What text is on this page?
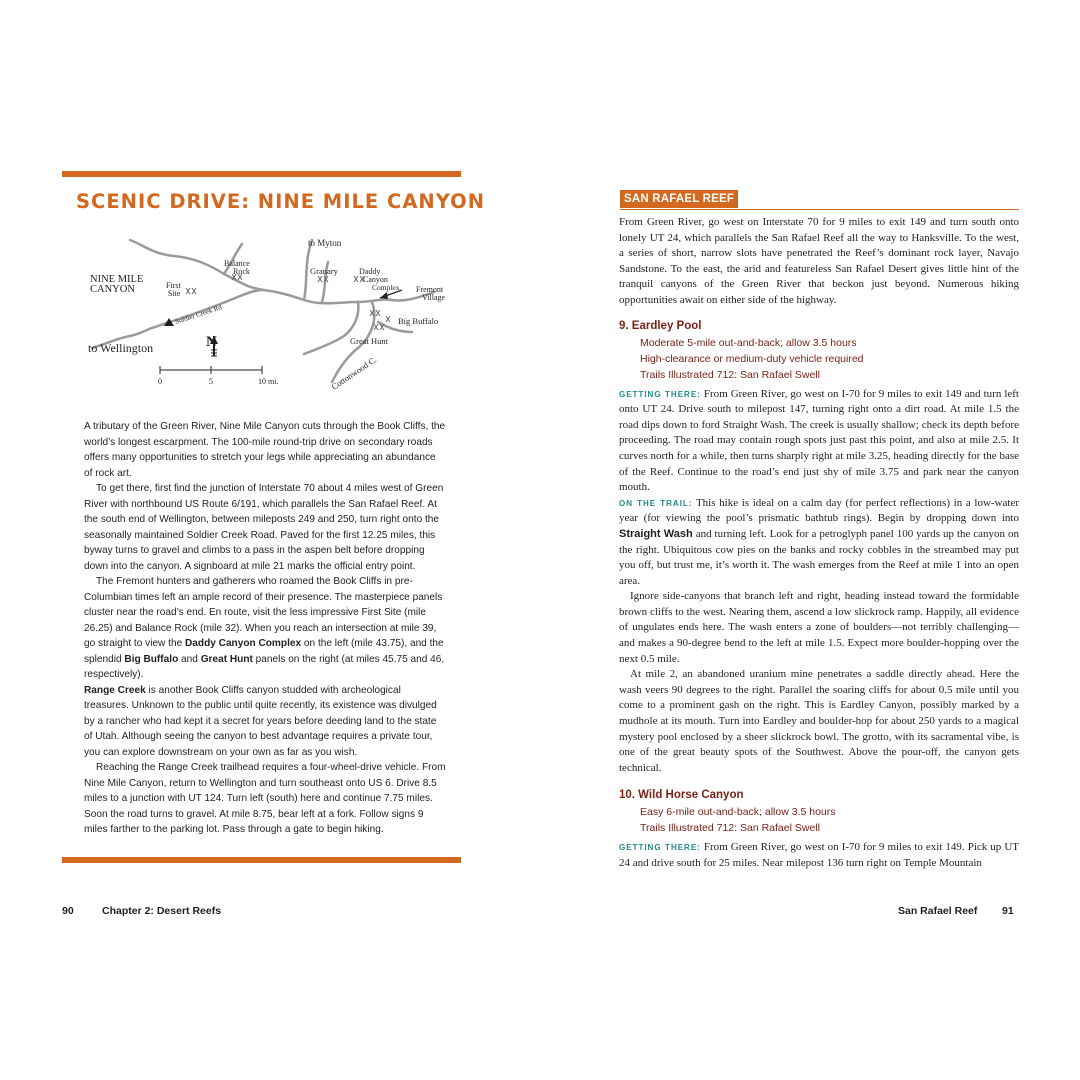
SCENIC DRIVE: NINE MILE CANYON
N
0	5	10 mi.
NINE MILE
CANYON
Balance
Rock
First
Site
Soldier Creek Rd
to Myton
Granary	Daddy
Canyon
Complex Fremont
Village
Big Buffalo
Great Hunt
Cottonwood C.
to Wellington

A tributary of the Green River, Nine Mile Canyon cuts through the Book Cliffs, the world’s longest escarpment. The 100-mile round-trip drive on secondary roads offers many opportunities to stretch your legs while appreciating an abundance of rock art.

To get there, first find the junction of Interstate 70 about 4 miles west of Green River with northbound US Route 6/191, which parallels the San Rafael Reef. At the south end of Wellington, between mileposts 249 and 250, turn right onto the seasonally maintained Soldier Creek Road. Paved for the first 12.25 miles, this byway turns to gravel and climbs to a pass in the aspen belt before dropping down into the canyon. A signboard at mile 21 marks the official entry point.

The Fremont hunters and gatherers who roamed the Book Cliffs in pre-Columbian times left an ample record of their presence. The masterpiece panels cluster near the road’s end. En route, visit the less impressive First Site (mile 26.25) and Balance Rock (mile 32). When you reach an intersection at mile 39, go straight to view the Daddy Canyon Complex on the left (mile 43.75), and the splendid Big Buffalo and Great Hunt panels on the right (at miles 45.75 and 46, respectively).

Range Creek is another Book Cliffs canyon studded with archeological treasures. Unknown to the public until quite recently, its existence was divulged by a rancher who had kept it a secret for years before deeding land to the state of Utah. Although seeing the canyon to best advantage requires a private tour, you can explore downstream on your own as far as you wish.

Reaching the Range Creek trailhead requires a four-wheel-drive vehicle. From Nine Mile Canyon, return to Wellington and turn southeast onto US 6. Drive 8.5 miles to a junction with UT 124. Turn left (south) here and continue 7.75 miles. Soon the road turns to gravel. At mile 8.75, bear left at a fork. Follow signs 9 miles farther to the parking lot. Pass through a gate to begin hiking.

90	Chapter 2: Desert Reefs
SAN RAFAEL REEF

From Green River, go west on Interstate 70 for 9 miles to exit 149 and turn south onto lonely UT 24, which parallels the San Rafael Reef all the way to Hanksville. To the west, a series of short, narrow slots have penetrated the Reef’s dominant rock layer, Navajo Sandstone. To the east, the arid and featureless San Rafael Desert gives little hint of the tranquil canyons of the Green River that beckon just beyond. Numerous hiking opportunities await on either side of the highway.

9. Eardley Pool
Moderate 5-mile out-and-back; allow 3.5 hours
High-clearance or medium-duty vehicle required
Trails Illustrated 712: San Rafael Swell

GETTING THERE: From Green River, go west on I-70 for 9 miles to exit 149 and turn left onto UT 24. Drive south to milepost 147, turning right onto a dirt road. At mile 1.5 the road dips down to ford Straight Wash. The creek is usually shallow; check its depth before proceeding. The road may contain rough spots just past this point, and also at mile 2.5. It curves north for a while, then turns sharply right at mile 3.25, heading directly for the base of the Reef. Continue to the road’s end just shy of mile 3.75 and park near the canyon mouth.

ON THE TRAIL: This hike is ideal on a calm day (for perfect reflections) in a low-water year (for viewing the pool’s prismatic bathtub rings). Begin by dropping down into Straight Wash and turning left. Look for a petroglyph panel 100 yards up the canyon on the right. Ubiquitous cow pies on the banks and rocky cobbles in the streambed may put you off, but trust me, it’s worth it. The wash emerges from the Reef at mile 1 into an open area.

Ignore side-canyons that branch left and right, heading instead toward the formidable brown cliffs to the west. Nearing them, ascend a low slickrock ramp. Happily, all evidence of ungulates ends here. The wash enters a zone of boulders—not terribly challenging—and makes a 90-degree bend to the left at mile 1.5. Expect more boulder-hopping over the next 0.5 mile.

At mile 2, an abandoned uranium mine penetrates a saddle directly ahead. Here the wash veers 90 degrees to the right. Parallel the soaring cliffs for about 0.5 mile until you come to a prominent gash on the right. This is Eardley Canyon, possibly marked by a mudhole at its mouth. Turn into Eardley and boulder-hop for about 250 yards to a magical mystery pool enclosed by a sheer slickrock bowl. The grotto, with its sacramental vibe, is one of the great beauty spots of the Southwest. Above the pour-off, the canyon gets technical.

10. Wild Horse Canyon
Easy 6-mile out-and-back; allow 3.5 hours
Trails Illustrated 712: San Rafael Swell

GETTING THERE: From Green River, go west on I-70 for 9 miles to exit 149. Pick up UT 24 and drive south for 25 miles. Near milepost 136 turn right on Temple Mountain

San Rafael Reef 91
